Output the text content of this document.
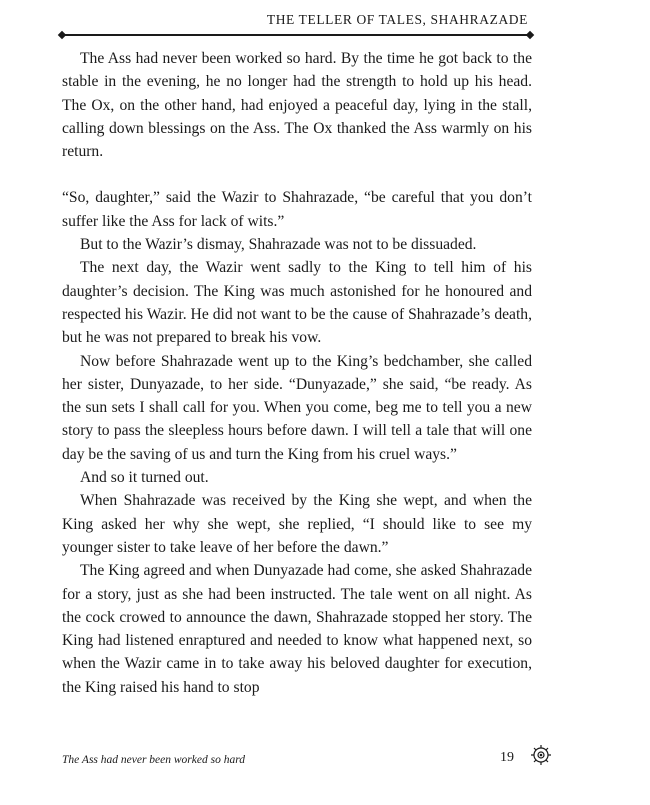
THE TELLER OF TALES, SHAHRAZADE

The Ass had never been worked so hard. By the time he got back to the stable in the evening, he no longer had the strength to hold up his head. The Ox, on the other hand, had enjoyed a peaceful day, lying in the stall, calling down blessings on the Ass. The Ox thanked the Ass warmly on his return.

“So, daughter,” said the Wazir to Shahrazade, “be careful that you don’t suffer like the Ass for lack of wits.”

But to the Wazir’s dismay, Shahrazade was not to be dissuaded.

The next day, the Wazir went sadly to the King to tell him of his daughter’s decision. The King was much astonished for he honoured and respected his Wazir. He did not want to be the cause of Shahrazade’s death, but he was not prepared to break his vow.

Now before Shahrazade went up to the King’s bedchamber, she called her sister, Dunyazade, to her side. “Dunyazade,” she said, “be ready. As the sun sets I shall call for you. When you come, beg me to tell you a new story to pass the sleepless hours before dawn. I will tell a tale that will one day be the saving of us and turn the King from his cruel ways.”

And so it turned out.

When Shahrazade was received by the King she wept, and when the King asked her why she wept, she replied, “I should like to see my younger sister to take leave of her before the dawn.”

The King agreed and when Dunyazade had come, she asked Shahrazade for a story, just as she had been instructed. The tale went on all night. As the cock crowed to announce the dawn, Shahrazade stopped her story. The King had listened enraptured and needed to know what happened next, so when the Wazir came in to take away his beloved daughter for execution, the King raised his hand to stop

The Ass had never been worked so hard	19
